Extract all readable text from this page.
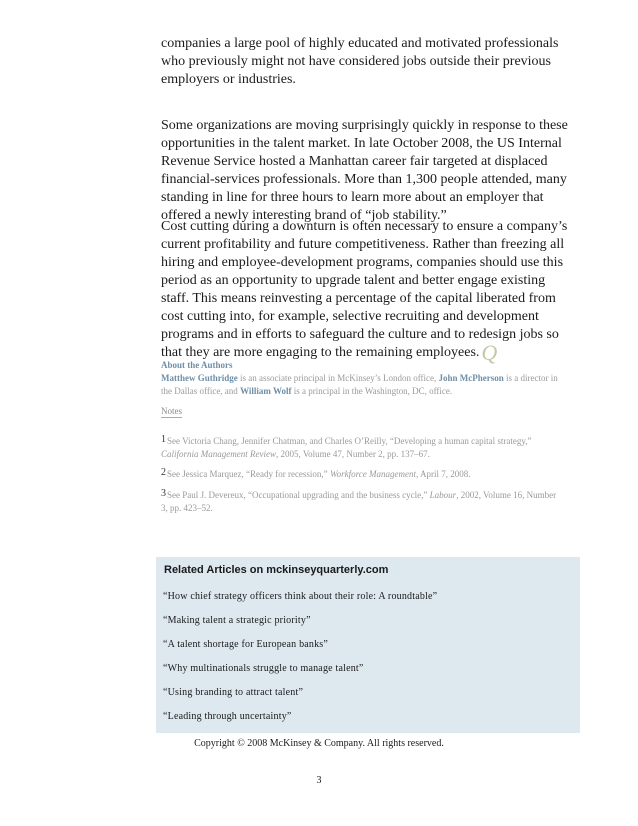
companies a large pool of highly educated and motivated professionals who previously might not have considered jobs outside their previous employers or industries.

Some organizations are moving surprisingly quickly in response to these opportunities in the talent market. In late October 2008, the US Internal Revenue Service hosted a Manhattan career fair targeted at displaced financial-services professionals. More than 1,300 people attended, many standing in line for three hours to learn more about an employer that offered a newly interesting brand of “job stability.”

Cost cutting during a downturn is often necessary to ensure a company’s current profitability and future competitiveness. Rather than freezing all hiring and employee-development programs, companies should use this period as an opportunity to upgrade talent and better engage existing staff. This means reinvesting a percentage of the capital liberated from cost cutting into, for example, selective recruiting and development programs and in efforts to safeguard the culture and to redesign jobs so that they are more engaging to the remaining employees.Q

About the Authors
Matthew Guthridge is an associate principal in McKinsey’s London office, John McPherson is a director in the Dallas office, and William Wolf is a principal in the Washington, DC, office.
Notes
$^1$See Victoria Chang, Jennifer Chatman, and Charles O’Reilly, “Developing a human capital strategy,” California Management Review, 2005, Volume 47, Number 2, pp. 137–67.
$^2$See Jessica Marquez, “Ready for recession,” Workforce Management, April 7, 2008.
$^3$See Paul J. Devereux, “Occupational upgrading and the business cycle,” Labour, 2002, Volume 16, Number 3, pp. 423–52.
Related Articles on mckinseyquarterly.com
“How chief strategy officers think about their role: A roundtable”
“Making talent a strategic priority”
“A talent shortage for European banks”
“Why multinationals struggle to manage talent”
“Using branding to attract talent”
“Leading through uncertainty”
Copyright © 2008 McKinsey & Company. All rights reserved.
3
